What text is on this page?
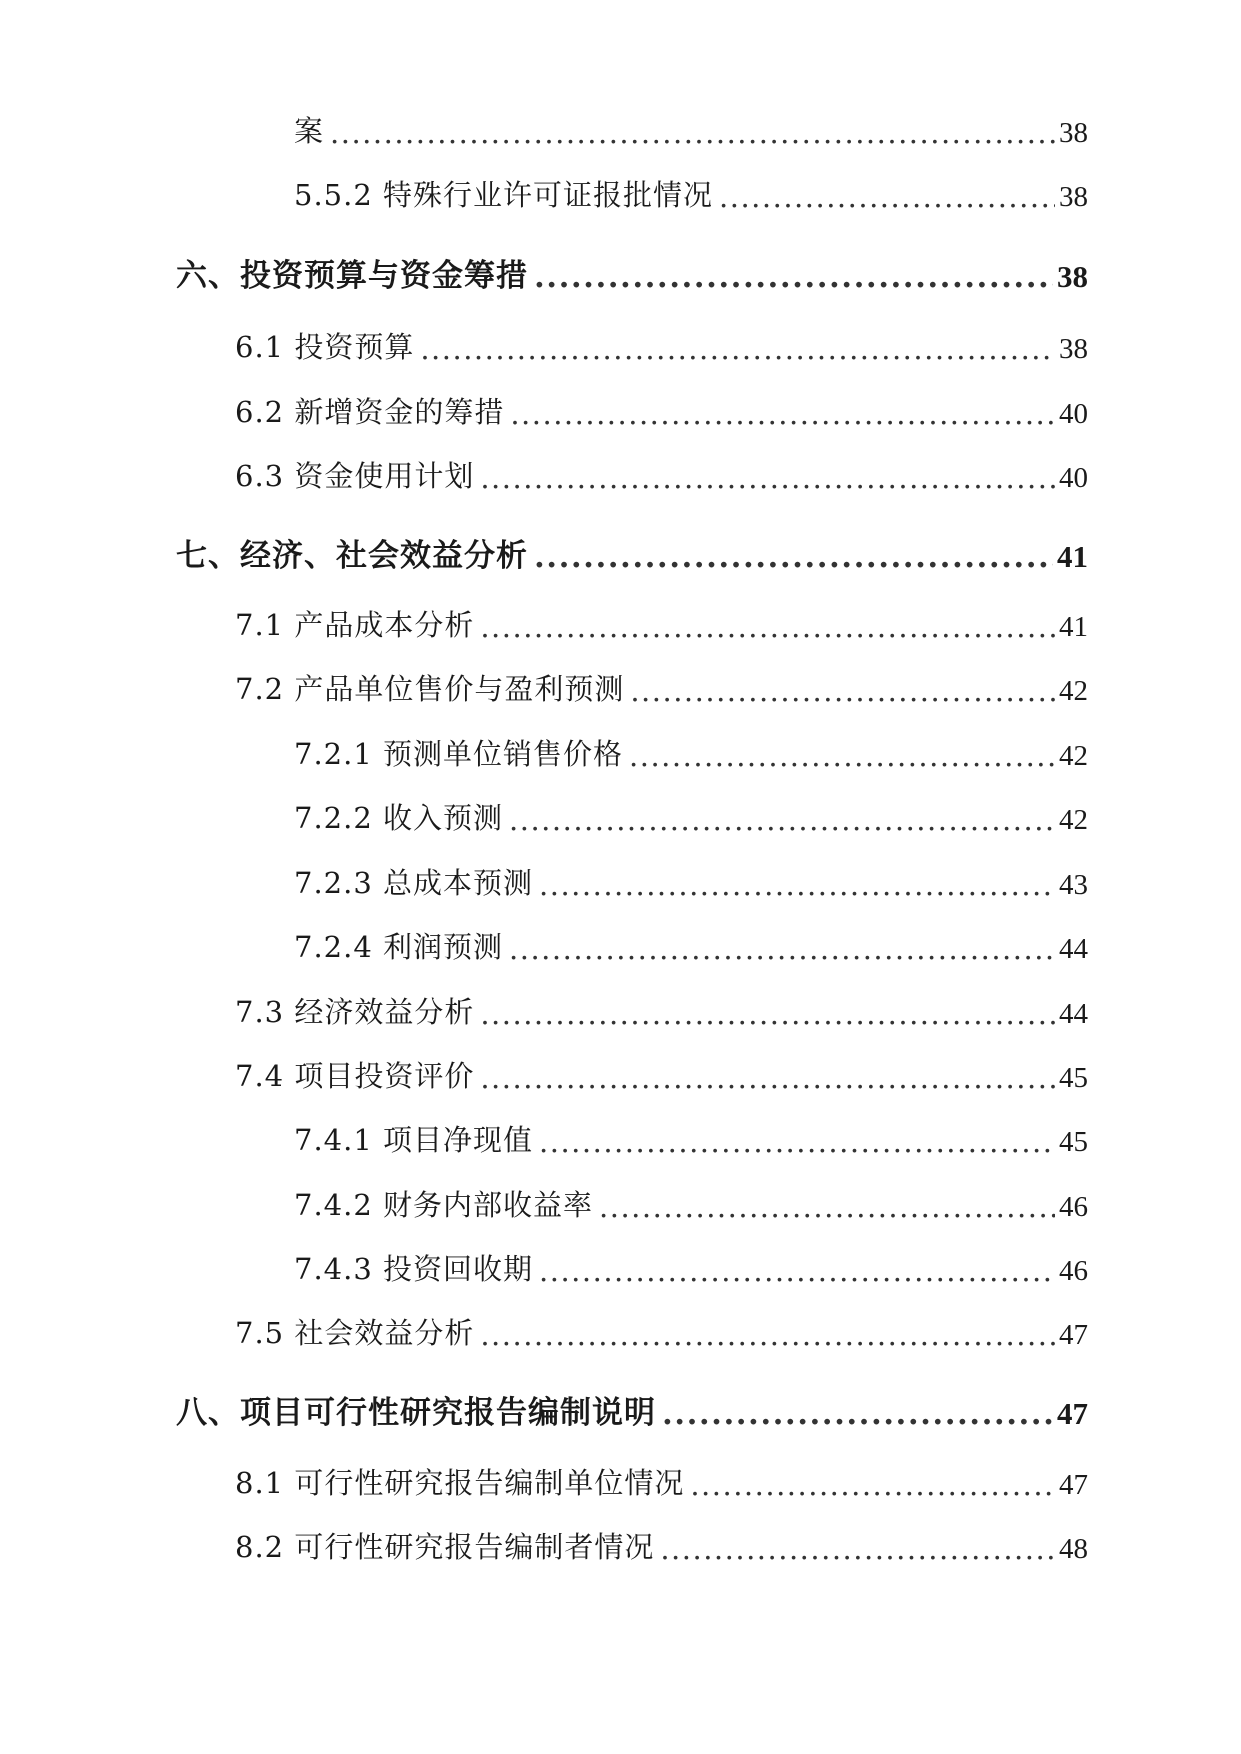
案 .....	38
5.5.2 特殊行业许可证报批情况 .....	38
六、投资预算与资金筹措 .....	38
6.1 投资预算 .....	38
6.2 新增资金的筹措 .....	40
6.3 资金使用计划 .....	40
七、经济、社会效益分析 .....	41
7.1 产品成本分析 .....	41
7.2 产品单位售价与盈利预测 .....	42
7.2.1 预测单位销售价格 .....	42
7.2.2 收入预测 .....	42
7.2.3 总成本预测 .....	43
7.2.4 利润预测 .....	44
7.3 经济效益分析 .....	44
7.4 项目投资评价 .....	45
7.4.1 项目净现值 .....	45
7.4.2 财务内部收益率 .....	46
7.4.3 投资回收期 .....	46
7.5 社会效益分析 .....	47
八、项目可行性研究报告编制说明 .....	47
8.1 可行性研究报告编制单位情况 .....	47
8.2 可行性研究报告编制者情况 .....	48
